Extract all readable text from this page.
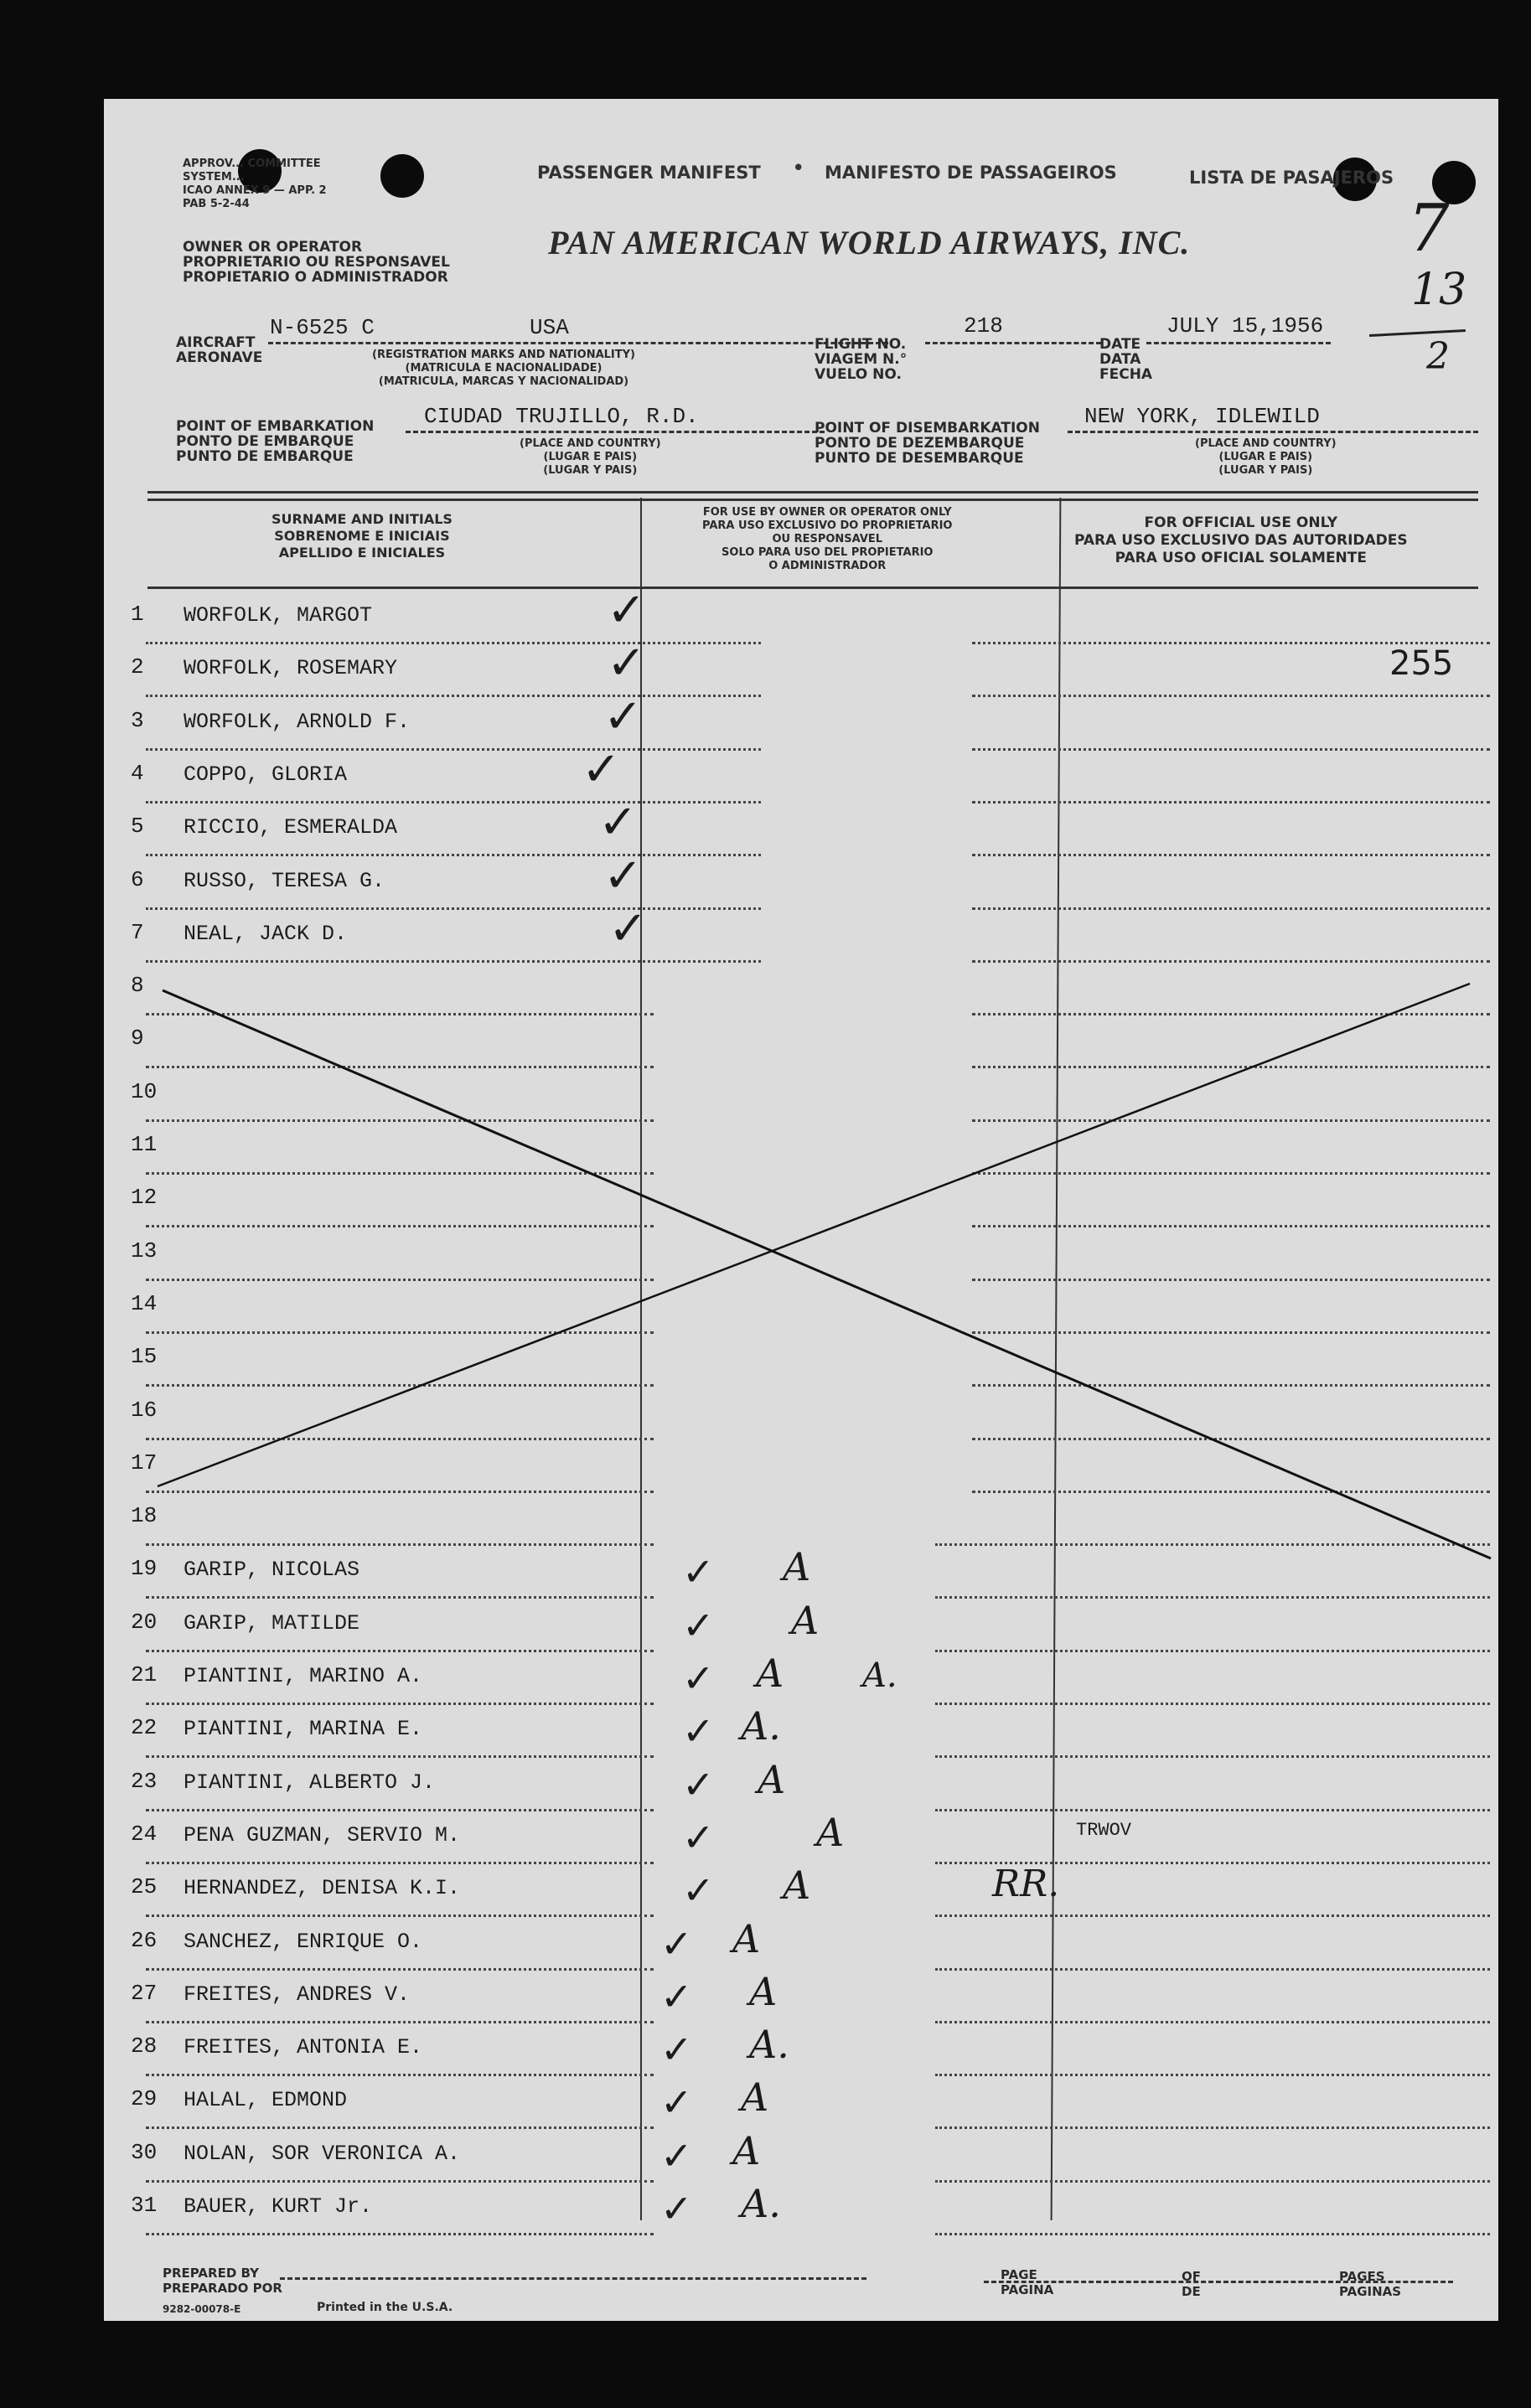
APPROV... COMMITTEE
SYSTEM...
ICAO ANNEX 9 — APP. 2
PAB 5-2-44
PASSENGER MANIFEST • MANIFESTO DE PASSAGEIROS	LISTA DE PASAJEROS
OWNER OR OPERATOR
PROPRIETARIO OU RESPONSAVEL
PROPIETARIO O ADMINISTRADOR
PAN AMERICAN WORLD AIRWAYS, INC.	7
13
2
AIRCRAFT
AERONAVE
N-6525 C	USA
(REGISTRATION MARKS AND NATIONALITY)
(MATRICULA E NACIONALIDADE)
(MATRICULA, MARCAS Y NACIONALIDAD)
FLIGHT NO.
VIAGEM N.°
VUELO NO.
218
DATE
DATA
FECHA
JULY 15,1956
POINT OF EMBARKATION
PONTO DE EMBARQUE
PUNTO DE EMBARQUE
CIUDAD TRUJILLO, R.D.
(PLACE AND COUNTRY)
(LUGAR E PAIS)
(LUGAR Y PAIS)
POINT OF DISEMBARKATION
PONTO DE DEZEMBARQUE
PUNTO DE DESEMBARQUE
NEW YORK, IDLEWILD
(PLACE AND COUNTRY)
(LUGAR E PAIS)
(LUGAR Y PAIS)
SURNAME AND INITIALS
SOBRENOME E INICIAIS
APELLIDO E INICIALES
FOR USE BY OWNER OR OPERATOR ONLY
PARA USO EXCLUSIVO DO PROPRIETARIO
OU RESPONSAVEL
SOLO PARA USO DEL PROPIETARIO
O ADMINISTRADOR
FOR OFFICIAL USE ONLY
PARA USO EXCLUSIVO DAS AUTORIDADES
PARA USO OFICIAL SOLAMENTE
1 WORFOLK, MARGOT	✓
2 WORFOLK, ROSEMARY	✓	255
3 WORFOLK, ARNOLD F.	✓
4 COPPO, GLORIA	✓
5 RICCIO, ESMERALDA	✓
6 RUSSO, TERESA G.	✓
7 NEAL, JACK D.	✓
8
9
10
11
12
13
14
15
16
17
18
19 GARIP, NICOLAS	✓ A
20 GARIP, MATILDE	✓ A
21 PIANTINI, MARINO A.	✓ A A.
22 PIANTINI, MARINA E.	✓ A.
23 PIANTINI, ALBERTO J.	✓ A
24 PENA GUZMAN, SERVIO M.	✓	A	TRWOV
25 HERNANDEZ, DENISA K.I.	✓ A	RR.
26 SANCHEZ, ENRIQUE O.	✓ A
27 FREITES, ANDRES V.	✓ A
28 FREITES, ANTONIA E.	✓ A.
29 HALAL, EDMOND	✓ A
30 NOLAN, SOR VERONICA A.	✓ A
31 BAUER, KURT Jr.	✓ A.
PREPARED BY
PREPARADO POR
9282-00078-E	Printed in the U.S.A.
PAGE
PAGINA
OF
DE
PAGES
PAGINAS
